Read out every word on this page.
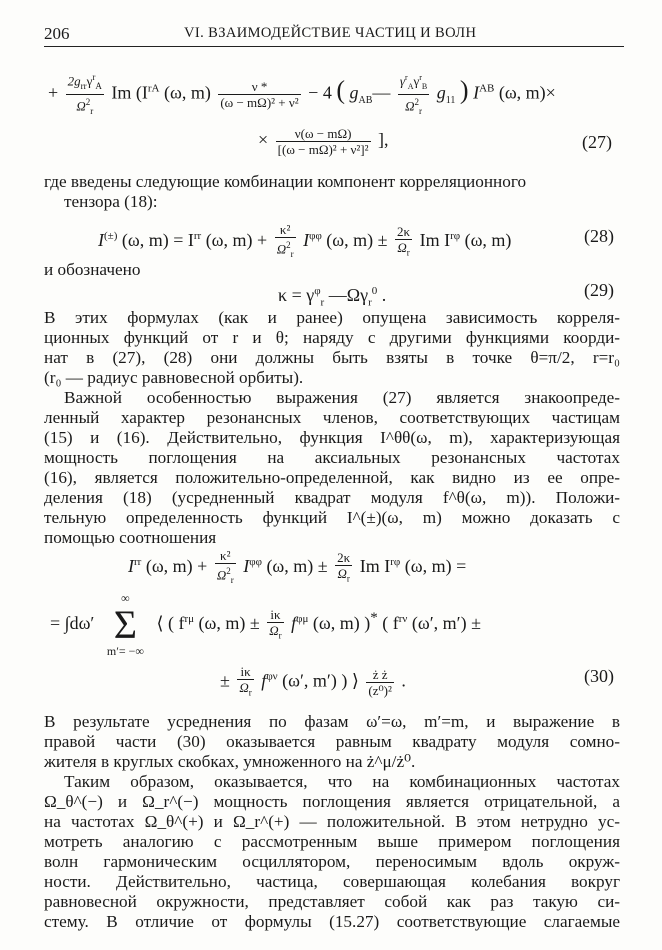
206	VI. ВЗАИМОДЕЙСТВИЕ ЧАСТИЦ И ВОЛН
+
$2g_{rr}\gamma^r_A$
$\Omega^2_r$
Im ($I^{rA}$ (ω, $m) \frac{\nu *}{\text{(ω − mΩ)² + ν²}} - 4$ ( $g_{AB}—$
$\gamma^r_A\gamma^r_B$
$\Omega^2_r$
$g_{11}$ ) $I^{AB}$ (ω, m)×
× $\frac{\nu(\omega - m\Omega)}{\text{[(ω − mΩ)² + ν²]²}}$ ],	(27)
где введены следующие комбинации компонент корреляционного
тензора (18):
I(±) (ω, $m) = I^{rr}$ (ω, $m) + \frac{\text{κ²}}{\Omega^2_r} I^{\varphi\varphi}$ (ω, $m) \pm \frac{2\kappa}{\Omega_r}$ Im $I^{r\varphi}$ (ω, m)	(28)
и обозначено
$\kappa = \gamma^\varphi_r$ $—\Omega\gamma_r^0$ .	(29)
В этих формулах (как и ранее) опущена зависимость корреля-
ционных функций от r и θ; наряду с другими функциями коорди-
нат в (27), (28) они должны быть взяты в точке θ=π/2, r=r₀
(r₀ — радиус равновесной орбиты).
Важной особенностью выражения (27) является знакоопреде-
ленный характер резонансных членов, соответствующих частицам
(15) и (16). Действительно, функция I^θθ(ω, m), характеризующая
мощность поглощения на аксиальных резонансных частотах
(16), является положительно-определенной, как видно из ее опре-
деления (18) (усредненный квадрат модуля f^θ(ω, m)). Положи-
тельную определенность функций I^(±)(ω, m) можно доказать с
помощью соотношения
$I^{rr}$ (ω, $m) + \frac{\text{κ²}}{\Omega^2_r} I^{\varphi\varphi}$ (ω, $m) \pm \frac{2\kappa}{\Omega_r}$ Im $I^{r\varphi}$ (ω, m) =
= ∫dω′
∞
Σ
m′= −∞
⟨ ( $f^{r\mu}$ (ω, $m) \pm \frac{i\kappa}{\Omega_r} f^{\varphi\mu}$ (ω, m) )* ( $f^{r\nu}$ (ω′, m′) ±
± $\frac{i\kappa}{\Omega_r} f^{\varphi\nu}$ (ω′, m′) ) ⟩ $\frac{\text{ż ż}}{\text{(z⁰)²}}$ .	(30)
В результате усреднения по фазам ω′=ω, m′=m, и выражение в
правой части (30) оказывается равным квадрату модуля сомно-
жителя в круглых скобках, умноженного на ż^μ/ż⁰.
Таким образом, оказывается, что на комбинационных частотах
Ω_θ^(−) и Ω_r^(−) мощность поглощения является отрицательной, а
на частотах Ω_θ^(+) и Ω_r^(+) — положительной. В этом нетрудно ус-
мотреть аналогию с рассмотренным выше примером поглощения
волн гармоническим осциллятором, переносимым вдоль окруж-
ности. Действительно, частица, совершающая колебания вокруг
равновесной окружности, представляет собой как раз такую си-
стему. В отличие от формулы (15.27) соответствующие слагаемые
